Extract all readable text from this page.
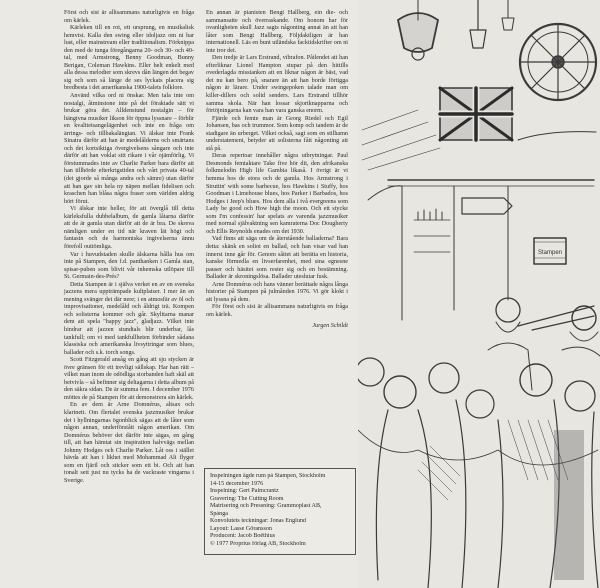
Först och sist är alltsammans naturligtvis en fråga om kärlek.

Kärleken till en rot, ett ursprung, en musikalisk hemvist. Kalla den swing eller idoljazz om ni har lust, eller mainstream eller traditionalism. Förknippa den med de tunga föregångarna 20- och 30- och 40-tal, med Armstrong, Benny Goodman, Bunny Berigan, Coleman Hawkins. Eller helt enkelt med alla dessa melodier som skrevs dån längen det begav sig och som så länge de ses lyckats placera sig bredbesta i det amerikanska 1900-talets folklore.

Använd vilka ord ni önskar. Men tala inte om nostalgi, åtminstone inte på det föraktade sätt vi brukar göra det. Alldenstund nostalgin – för hängivna musiker likson för öppna lyssnare – förblir en kvalitetsangelägenhet och inte en fråga om ärrings- och tillbakalängtan. Vi älskar inte Frank Sinatra därför att han är medelålderns och smärtans och det kortsiktiga övergivelsens sångare och inte därför att han voklat sitt rikare i vår ojämförlig. Vi förstummades inte av Charlie Parker bara därför att han tillhörde efterkrigstiden och vårt privata 40-tal (det gjorde så många andra och sämre) utan därför att han gav sin hela ny näpen mellan fidelisen och kraschen han blåsa några fraser som världen aldrig hört förut.

Vi älskar inte heller, för att överglå till detta kärleksfulla dubbelalbum, de gamla låtarna därför att de är gamla utan därför att de är bra. De skreva nämligen under en tid när kraven lät högt och fantasin och de harmoniska ingivelserna ännu förefoll outtömliga.

Var i huvudstaden skulle älskarna hålla hus om inte på Stampen, den f.d. panthanken i Gamla stan, spisar-puben som blivit vår inhemska utlöpare till St. Germain-des-Prés?

Detta Stampen är i själva verket en av en svenska jazzens mera uppträmpade kultplatser. I mer än en mening svänger det där nere; i en atmosfär av öl och improvisationer, medelåld och åldrigt trä. Kompen och solisterna kommer och går. Skylttarna manar dem att spela "happy jazz", gladjazz. Vilket inte hindrar att jazzen stundtals blir underbar, lås tankfull; om vi med tankfullheten förbinder sådana klassiska och amerikanska livsyttringar som blues, ballader och s.k. torch songs.

Scott Fitzgerald ansåg en gång att sju stycken är övre gränsen för ett trevligt sällskap. Har han rätt – vilket man inom de odödliga storbanden haft skäl att betvivla – så befinner sig deltagarna i detta album på den säkra sidan. De är summa fem. I december 1976 möttes de på Stampen för att demonstrera sin kärlek.

En av dem är Arne Domnérus, altsax och klarinett. Om flertalet svenska jazzmusiker brukar det i hyllningarnas ögonblick sägas att de låter som någon annan, underförstått någon amerikan. Om Domnérus behöver det därför inte sägas, en gång till, att han hämtat sin inspiration halvvägs mellan Johnny Hodges och Charlie Parker. Låt oss i stället hävda att han i likhet med Mohammad Ali flyger som en fjäril och sticker som ett bi. Och att han tonalt sett just nu tycks ha de vackraste vingarna i Sverige.

En annan är pianisten Bengt Hallberg, ein die- och sammansatte och överraskande. Om honom har för ovanligheten skull Jazz sagts någonting annat än att han låter som Bengt Hallberg. Följdaktligen är han internationell. Läs en bunt utländska facktidskrifter om ni inte tror det.

Den tredje är Lars Erstrand, vibrafon. Påtlendet att han efterliknar Lionel Hampton stupar på den hittills ovederlagda misstanken att en liknar någon är bäst, vad det nu kan bero på, snarare än att han borde förtigga någon är lärare. Under swingepoken talade man om killer-dillers och solid senders. Lars Erstrand tillhör samma skola. När han lossar skjortknapparna och förtöjningarna kan vara han vara ganska enorm.

Fjärde och femte man är Georg Riedel och Egil Johansen, bas och trummor. Som komp och tandem är de stadigare än urberget. Vilket också, sagt som en stilhamn understatement, betyder att solisterna fått någonting att stå på.

Deras repertoar innehåller några utbrytningar. Paul Desmonds femtaktare Take five hör dit, den afrikanska folkmelodin High life Gambia likaså. I övrigt är vi hemma hos de stora och de gamla. Hos Armstrong i Struttin' with some barbecue, hos Hawkins i Stuffy, hos Goodman i Limehouse blues, hos Parker i Barbados, hos Hodges i Jeep's blues. Hos dem alla i två evergreens som Lady be good och How high the moon. Och ett stycke som I'm confessin' har spelats av varenda jazzmusiker med normal självaktning sen kamraterna Doc Dougherty och Ellis Reynolds enades om det 1930.

Vad finns att säga om de återstående balladerna? Bara detta: skänk en soliot en ballad, och han visar vad han innerst inne går för. Genom såttet att berätta en historia, kanske förmedla en livserfarenhet, med sina egnesne pauser och häsitet som rester sig och en bestämning. Ballader är skroningslösa. Ballader uteslutar fusk.

Arne Domnérus och hans vänner berättade några långa historier på Stampen på julmånden 1976. Vi gör klokt i att lyssna på dem.

För först och sist är alltsammans naturligtvis en fråga om kärlek.

Jurgen Schildt
Inspelningen ägde rum på Stampen, Stockholm
14-15 december 1976
Inspelning: Gert Palmcrantz
Gravering: The Cutting Room
Matrisering och Pressning: Grammoplast AB,
Spånga
Konvolutets teckningar: Jonas Englund
Layout: Lasse Göransson
Producent: Jacob Boëthius
© 1977 Proprius förlag AB, Stockholm
Stampen
